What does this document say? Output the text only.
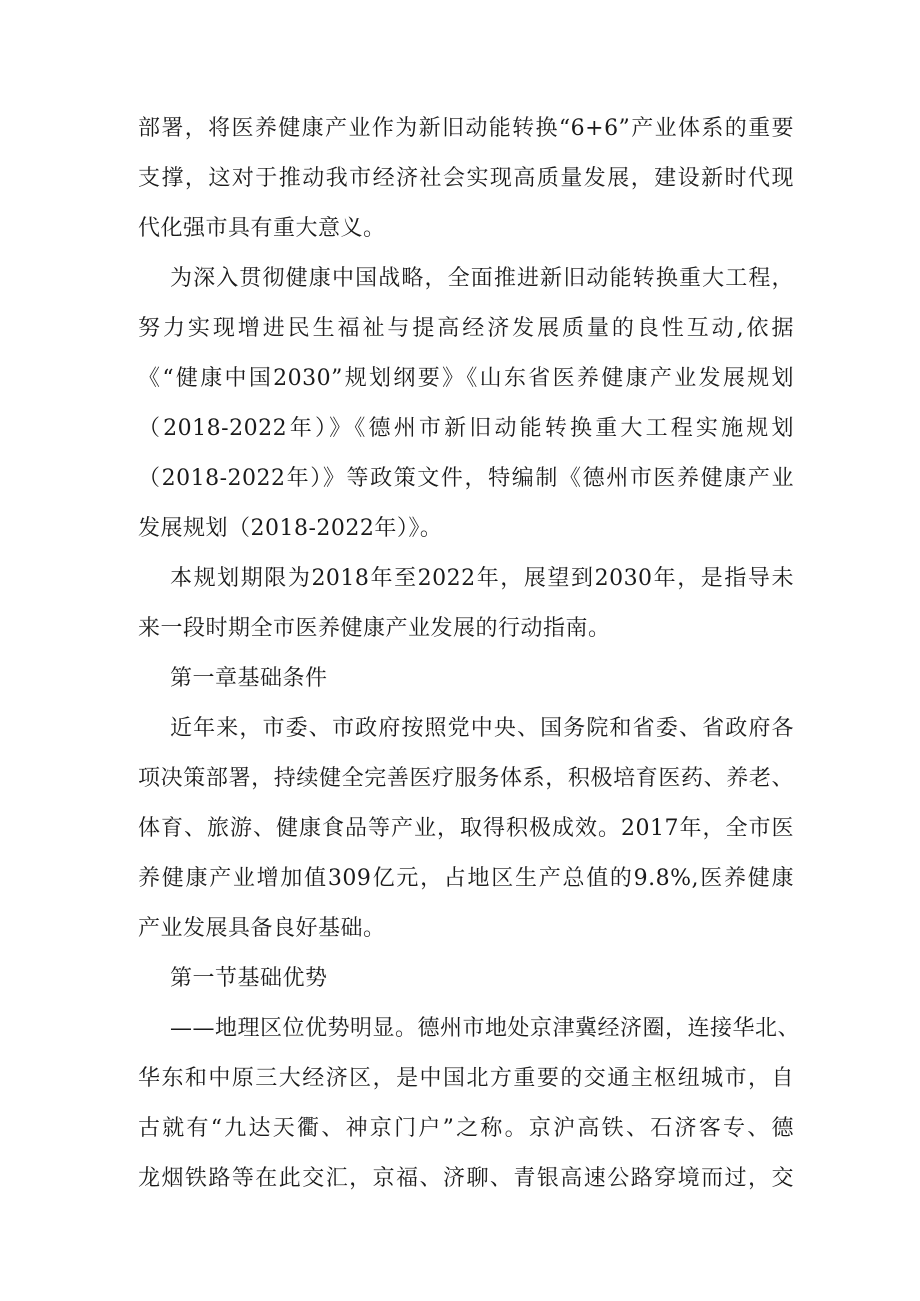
部署，将医养健康产业作为新旧动能转换“6+6”产业体系的重要
支撑，这对于推动我市经济社会实现高质量发展，建设新时代现
代化强市具有重大意义。
为深入贯彻健康中国战略，全面推进新旧动能转换重大工程，
努力实现增进民生福祉与提高经济发展质量的良性互动,依据
《“健康中国2030”规划纲要》《山东省医养健康产业发展规划
（2018-2022年）》《德州市新旧动能转换重大工程实施规划
（2018-2022年）》等政策文件，特编制《德州市医养健康产业
发展规划（2018-2022年）》。
本规划期限为2018年至2022年，展望到2030年，是指导未
来一段时期全市医养健康产业发展的行动指南。
第一章基础条件
近年来，市委、市政府按照党中央、国务院和省委、省政府各
项决策部署，持续健全完善医疗服务体系，积极培育医药、养老、
体育、旅游、健康食品等产业，取得积极成效。2017年，全市医
养健康产业增加值309亿元，占地区生产总值的9.8%,医养健康
产业发展具备良好基础。
第一节基础优势
——地理区位优势明显。德州市地处京津冀经济圈，连接华北、
华东和中原三大经济区，是中国北方重要的交通主枢纽城市，自
古就有“九达天衢、神京门户”之称。京沪高铁、石济客专、德
龙烟铁路等在此交汇，京福、济聊、青银高速公路穿境而过，交
